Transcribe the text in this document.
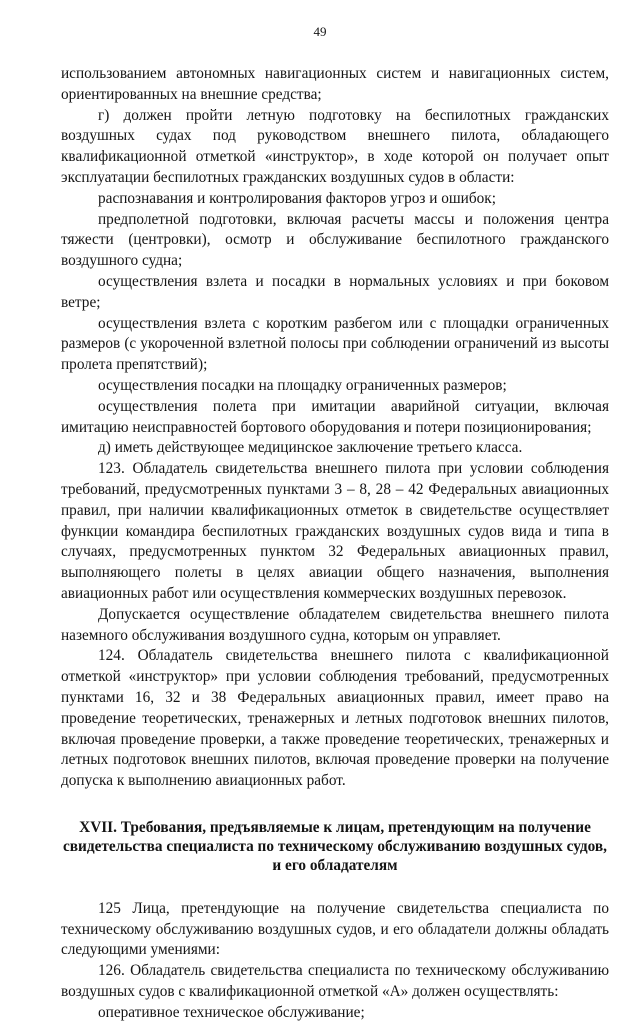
49

использованием автономных навигационных систем и навигационных систем, ориентированных на внешние средства;

г) должен пройти летную подготовку на беспилотных гражданских воздушных судах под руководством внешнего пилота, обладающего квалификационной отметкой «инструктор», в ходе которой он получает опыт эксплуатации беспилотных гражданских воздушных судов в области:

распознавания и контролирования факторов угроз и ошибок;

предполетной подготовки, включая расчеты массы и положения центра тяжести (центровки), осмотр и обслуживание беспилотного гражданского воздушного судна;

осуществления взлета и посадки в нормальных условиях и при боковом ветре;

осуществления взлета с коротким разбегом или с площадки ограниченных размеров (с укороченной взлетной полосы при соблюдении ограничений из высоты пролета препятствий);

осуществления посадки на площадку ограниченных размеров;

осуществления полета при имитации аварийной ситуации, включая имитацию неисправностей бортового оборудования и потери позиционирования;

д) иметь действующее медицинское заключение третьего класса.

123. Обладатель свидетельства внешнего пилота при условии соблюдения требований, предусмотренных пунктами 3 – 8, 28 – 42 Федеральных авиационных правил, при наличии квалификационных отметок в свидетельстве осуществляет функции командира беспилотных гражданских воздушных судов вида и типа в случаях, предусмотренных пунктом 32 Федеральных авиационных правил, выполняющего полеты в целях авиации общего назначения, выполнения авиационных работ или осуществления коммерческих воздушных перевозок.

Допускается осуществление обладателем свидетельства внешнего пилота наземного обслуживания воздушного судна, которым он управляет.

124. Обладатель свидетельства внешнего пилота с квалификационной отметкой «инструктор» при условии соблюдения требований, предусмотренных пунктами 16, 32 и 38 Федеральных авиационных правил, имеет право на проведение теоретических, тренажерных и летных подготовок внешних пилотов, включая проведение проверки, а также проведение теоретических, тренажерных и летных подготовок внешних пилотов, включая проведение проверки на получение допуска к выполнению авиационных работ.

XVII. Требования, предъявляемые к лицам, претендующим на получение
свидетельства специалиста по техническому обслуживанию воздушных судов,
и его обладателям

125 Лица, претендующие на получение свидетельства специалиста по техническому обслуживанию воздушных судов, и его обладатели должны обладать следующими умениями:

126. Обладатель свидетельства специалиста по техническому обслуживанию воздушных судов с квалификационной отметкой «А» должен осуществлять:

оперативное техническое обслуживание;
